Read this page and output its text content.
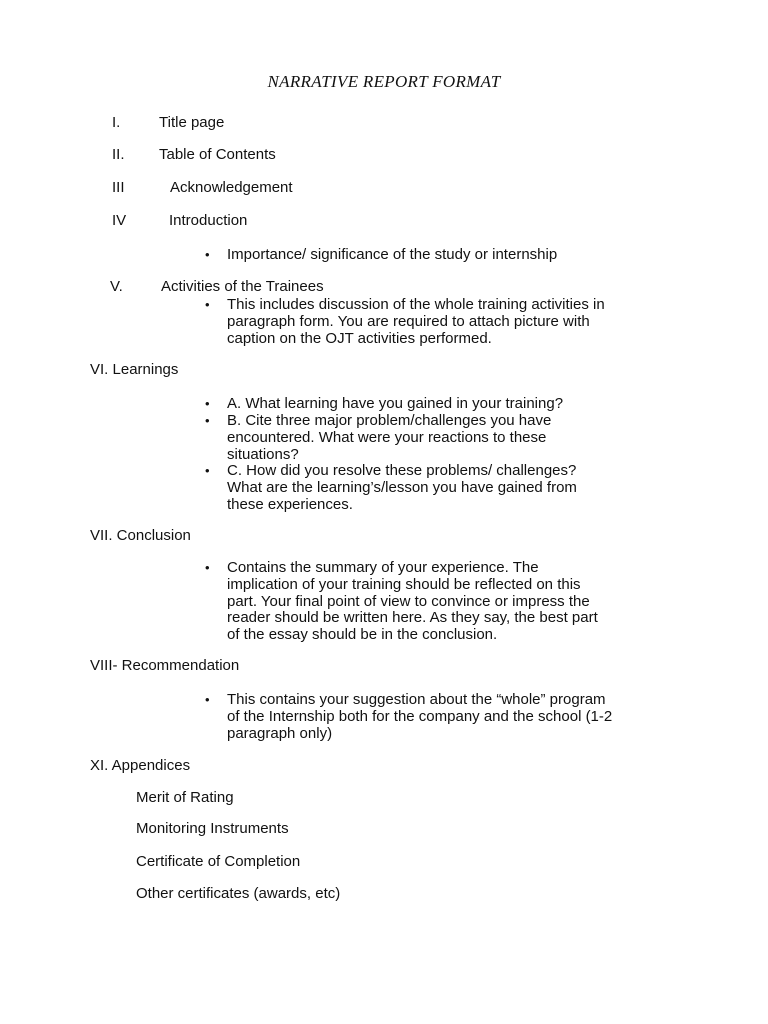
NARRATIVE REPORT FORMAT
I.	Title page
II. Table of Contents
III	Acknowledgement
IV	Introduction
• Importance/ significance of the study or internship
V.	Activities of the Trainees
• This includes discussion of the whole training activities in
paragraph form. You are required to attach picture with
caption on the OJT activities performed.
VI. Learnings
• A. What learning have you gained in your training?
• B. Cite three major problem/challenges you have
encountered. What were your reactions to these
situations?
• C. How did you resolve these problems/ challenges?
What are the learning’s/lesson you have gained from
these experiences.
VII. Conclusion
• Contains the summary of your experience. The
implication of your training should be reflected on this
part. Your final point of view to convince or impress the
reader should be written here. As they say, the best part
of the essay should be in the conclusion.
VIII- Recommendation
• This contains your suggestion about the “whole” program
of the Internship both for the company and the school (1-2
paragraph only)
XI. Appendices
Merit of Rating
Monitoring Instruments
Certificate of Completion
Other certificates (awards, etc)
